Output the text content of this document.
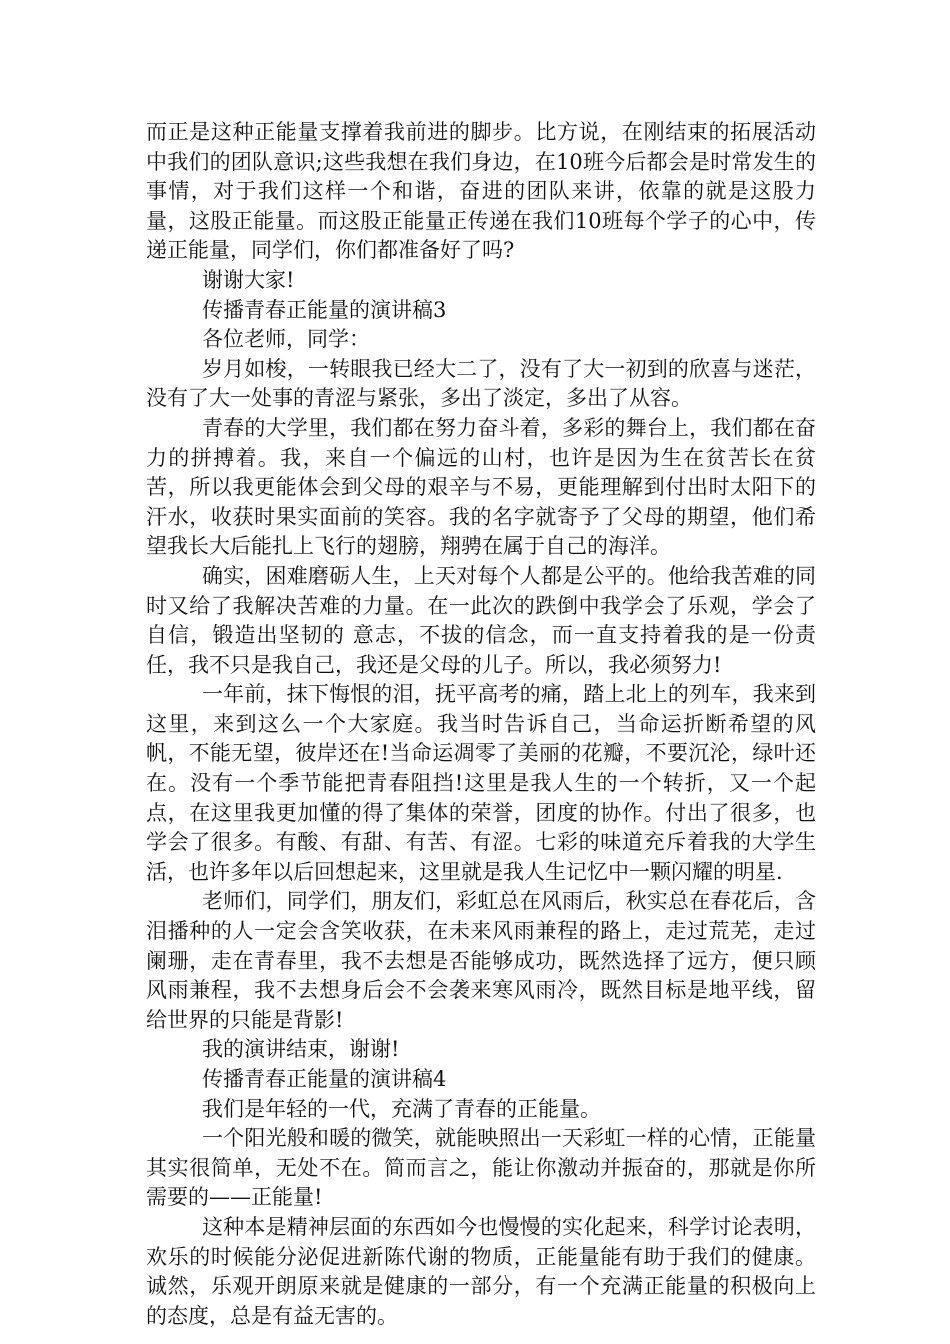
而正是这种正能量支撑着我前进的脚步。比方说，在刚结束的拓展活动中我们的团队意识;这些我想在我们身边，在10班今后都会是时常发生的事情，对于我们这样一个和谐，奋进的团队来讲，依靠的就是这股力量，这股正能量。而这股正能量正传递在我们10班每个学子的心中，传递正能量，同学们，你们都准备好了吗?

谢谢大家!

传播青春正能量的演讲稿3

各位老师，同学：

岁月如梭，一转眼我已经大二了，没有了大一初到的欣喜与迷茫，没有了大一处事的青涩与紧张，多出了淡定，多出了从容。

青春的大学里，我们都在努力奋斗着，多彩的舞台上，我们都在奋力的拼搏着。我，来自一个偏远的山村，也许是因为生在贫苦长在贫苦，所以我更能体会到父母的艰辛与不易，更能理解到付出时太阳下的汗水，收获时果实面前的笑容。我的名字就寄予了父母的期望，他们希望我长大后能扎上飞行的翅膀，翔骋在属于自己的海洋。

确实，困难磨砺人生，上天对每个人都是公平的。他给我苦难的同时又给了我解决苦难的力量。在一此次的跌倒中我学会了乐观，学会了自信，锻造出坚韧的 意志，不拔的信念，而一直支持着我的是一份责任，我不只是我自己，我还是父母的儿子。所以，我必须努力!

一年前，抹下悔恨的泪，抚平高考的痛，踏上北上的列车，我来到这里，来到这么一个大家庭。我当时告诉自己，当命运折断希望的风帆，不能无望，彼岸还在!当命运凋零了美丽的花瓣，不要沉沦，绿叶还在。没有一个季节能把青春阻挡!这里是我人生的一个转折，又一个起点，在这里我更加懂的得了集体的荣誉，团度的协作。付出了很多，也学会了很多。有酸、有甜、有苦、有涩。七彩的味道充斥着我的大学生活，也许多年以后回想起来，这里就是我人生记忆中一颗闪耀的明星.

老师们，同学们，朋友们，彩虹总在风雨后，秋实总在春花后，含泪播种的人一定会含笑收获，在未来风雨兼程的路上，走过荒芜，走过阑珊，走在青春里，我不去想是否能够成功，既然选择了远方，便只顾风雨兼程，我不去想身后会不会袭来寒风雨冷，既然目标是地平线，留给世界的只能是背影!

我的演讲结束，谢谢!

传播青春正能量的演讲稿4

我们是年轻的一代，充满了青春的正能量。

一个阳光般和暖的微笑，就能映照出一天彩虹一样的心情，正能量其实很简单，无处不在。简而言之，能让你激动并振奋的，那就是你所需要的——正能量!

这种本是精神层面的东西如今也慢慢的实化起来，科学讨论表明，欢乐的时候能分泌促进新陈代谢的物质，正能量能有助于我们的健康。诚然，乐观开朗原来就是健康的一部分，有一个充满正能量的积极向上的态度，总是有益无害的。
